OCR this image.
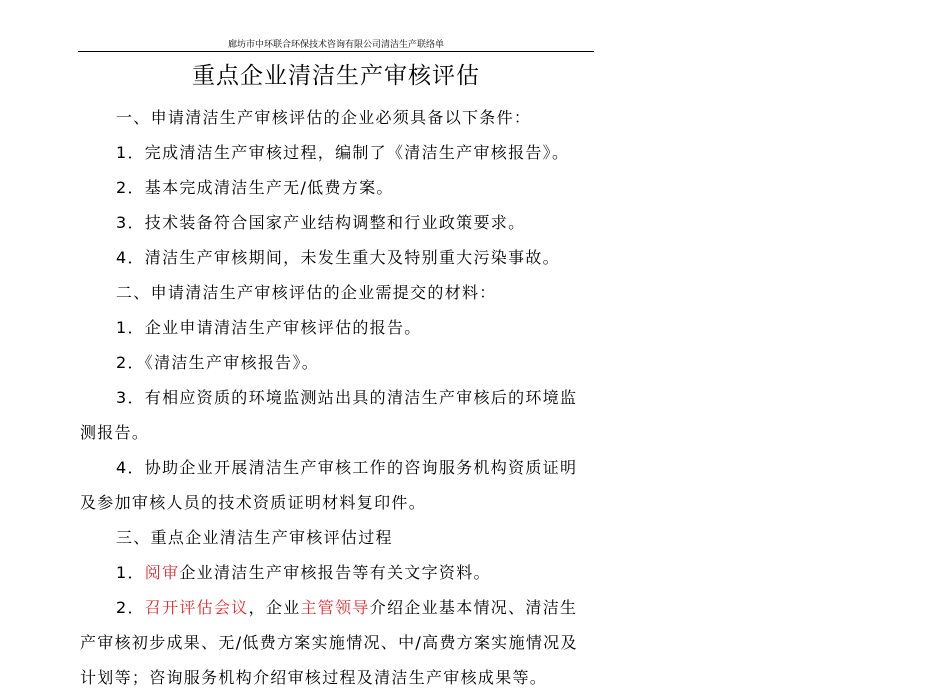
廊坊市中环联合环保技术咨询有限公司清洁生产联络单
重点企业清洁生产审核评估

一、申请清洁生产审核评估的企业必须具备以下条件：

1．完成清洁生产审核过程，编制了《清洁生产审核报告》。

2．基本完成清洁生产无/低费方案。

3．技术装备符合国家产业结构调整和行业政策要求。

4．清洁生产审核期间，未发生重大及特别重大污染事故。

二、申请清洁生产审核评估的企业需提交的材料：

1．企业申请清洁生产审核评估的报告。

2．《清洁生产审核报告》。

3．有相应资质的环境监测站出具的清洁生产审核后的环境监

测报告。

4．协助企业开展清洁生产审核工作的咨询服务机构资质证明

及参加审核人员的技术资质证明材料复印件。

三、重点企业清洁生产审核评估过程

1．阅审企业清洁生产审核报告等有关文字资料。

2．召开评估会议，企业主管领导介绍企业基本情况、清洁生

产审核初步成果、无/低费方案实施情况、中/高费方案实施情况及

计划等；咨询服务机构介绍审核过程及清洁生产审核成果等。
